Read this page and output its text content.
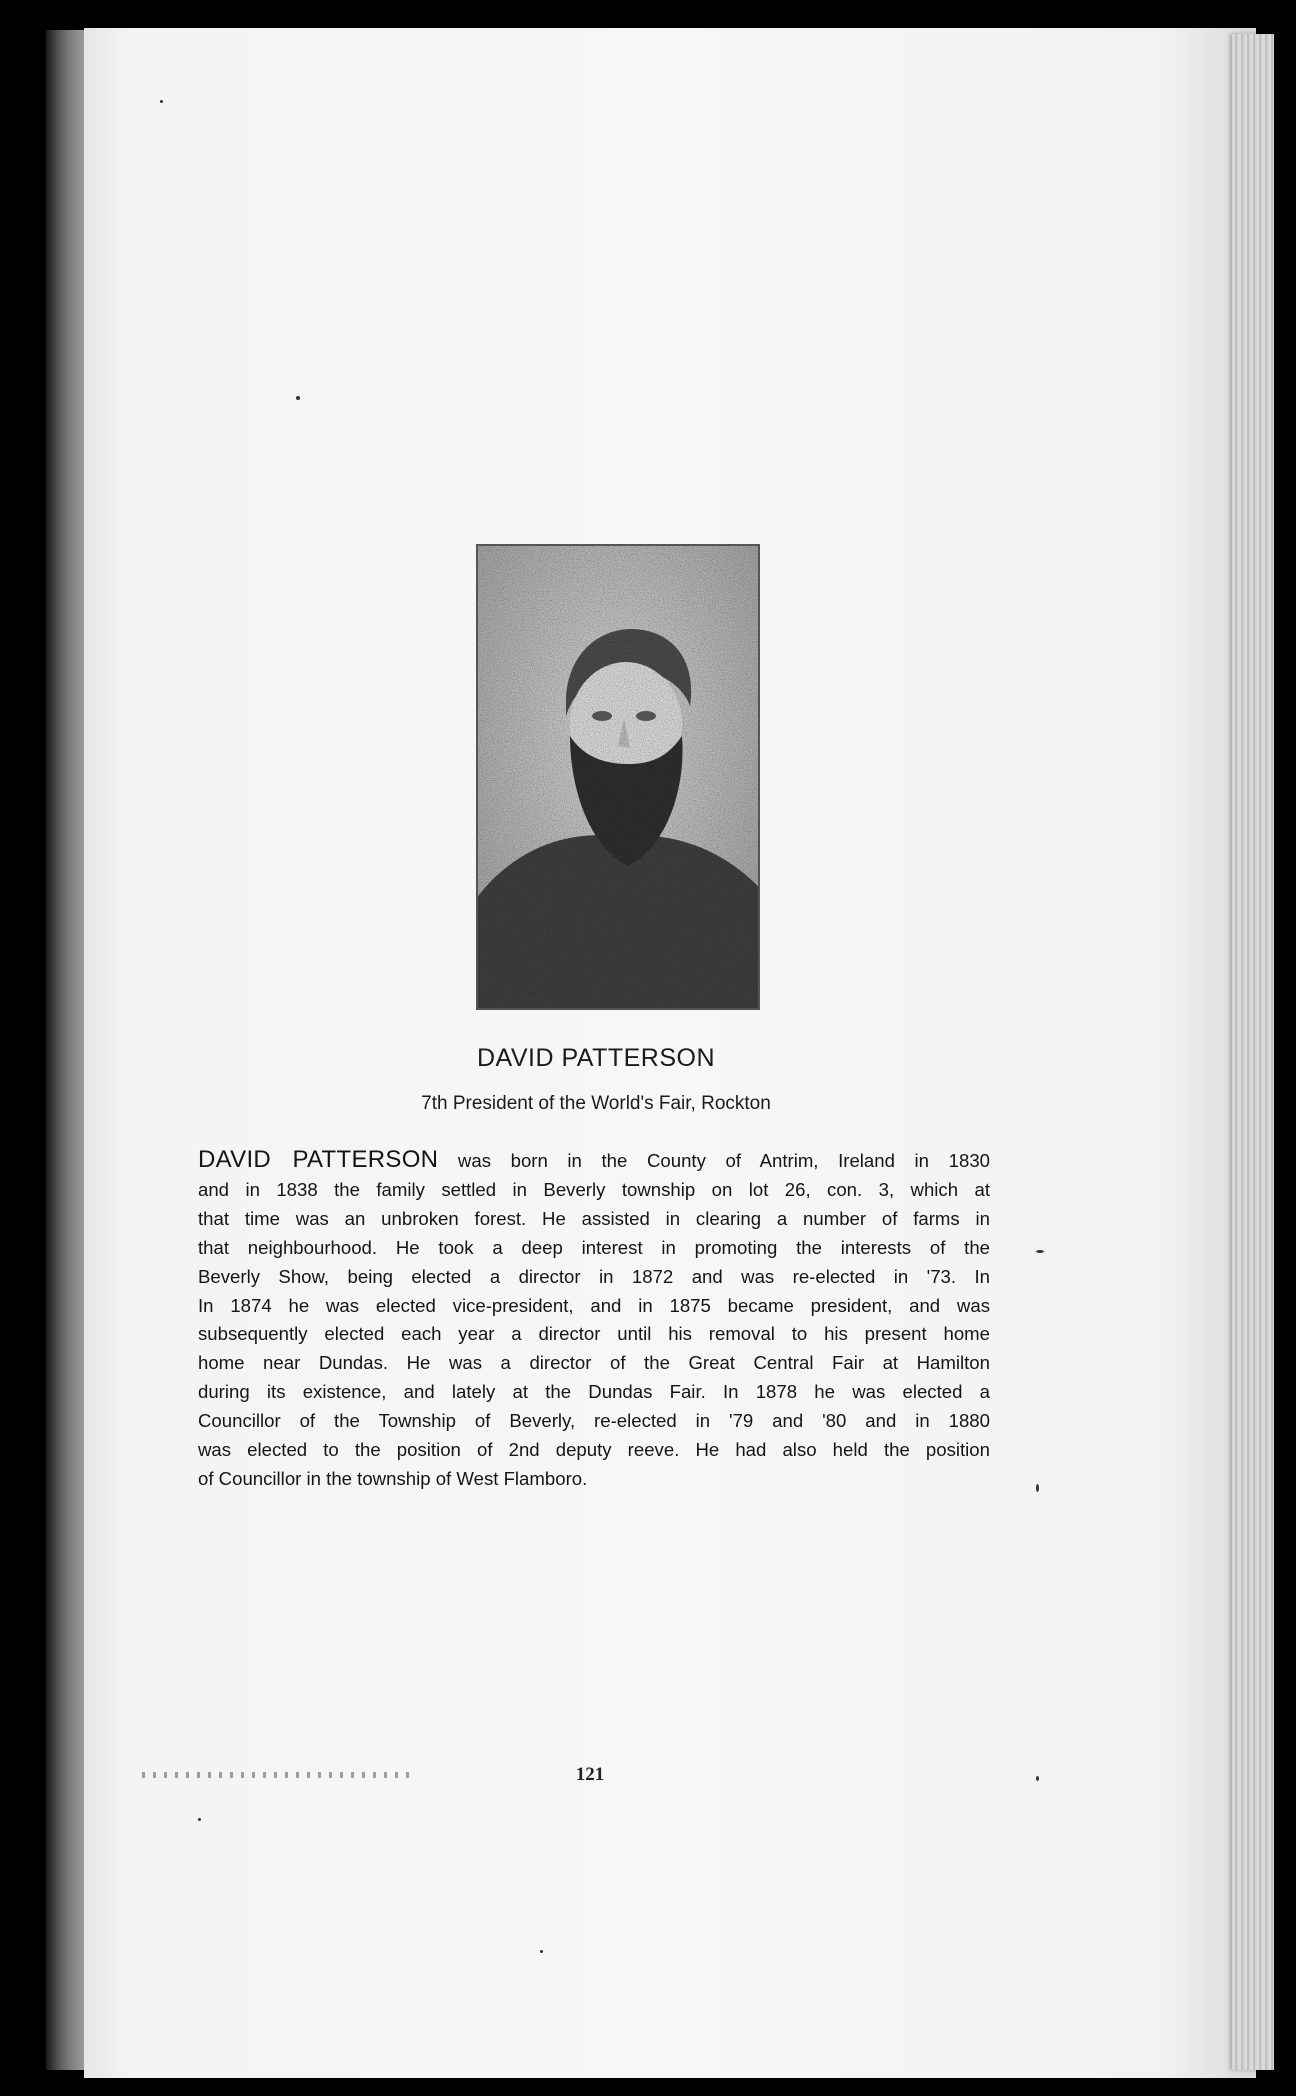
DAVID PATTERSON
7th President of the World's Fair, Rockton

DAVID PATTERSON was born in the County of Antrim, Ireland in 1830
and in 1838 the family settled in Beverly township on lot 26, con. 3, which at
that time was an unbroken forest. He assisted in clearing a number of farms in
that neighbourhood. He took a deep interest in promoting the interests of the
Beverly Show, being elected a director in 1872 and was re-elected in '73. In
In 1874 he was elected vice-president, and in 1875 became president, and was
subsequently elected each year a director until his removal to his present home
home near Dundas. He was a director of the Great Central Fair at Hamilton
during its existence, and lately at the Dundas Fair. In 1878 he was elected a
Councillor of the Township of Beverly, re-elected in '79 and '80 and in 1880
was elected to the position of 2nd deputy reeve. He had also held the position
of Councillor in the township of West Flamboro.

121
